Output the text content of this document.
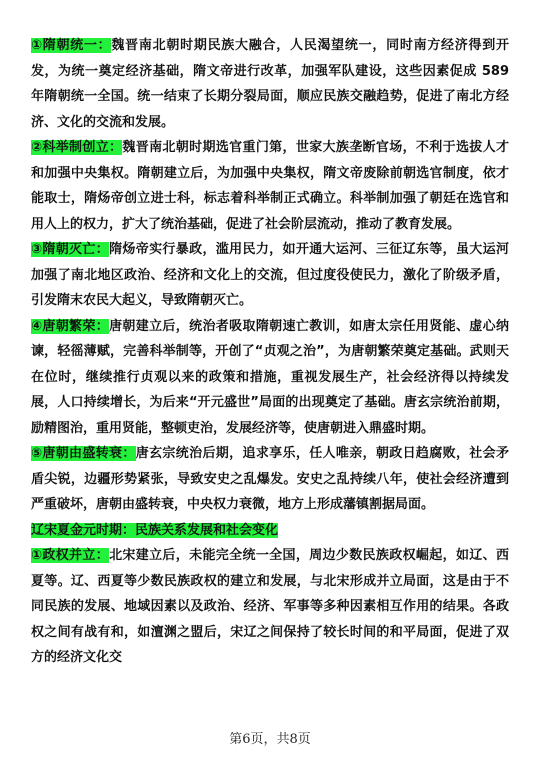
①隋朝统一：魏晋南北朝时期民族大融合，人民渴望统一，同时南方经济得到开发，为统一奠定经济基础，隋文帝进行改革，加强军队建设，这些因素促成 589 年隋朝统一全国。统一结束了长期分裂局面，顺应民族交融趋势，促进了南北方经济、文化的交流和发展。

②科举制创立：魏晋南北朝时期选官重门第，世家大族垄断官场，不利于选拔人才和加强中央集权。隋朝建立后，为加强中央集权，隋文帝废除前朝选官制度，依才能取士，隋炀帝创立进士科，标志着科举制正式确立。科举制加强了朝廷在选官和用人上的权力，扩大了统治基础，促进了社会阶层流动，推动了教育发展。

③隋朝灭亡：隋炀帝实行暴政，滥用民力，如开通大运河、三征辽东等，虽大运河加强了南北地区政治、经济和文化上的交流，但过度役使民力，激化了阶级矛盾，引发隋末农民大起义，导致隋朝灭亡。

④唐朝繁荣：唐朝建立后，统治者吸取隋朝速亡教训，如唐太宗任用贤能、虚心纳谏，轻徭薄赋，完善科举制等，开创了“贞观之治”，为唐朝繁荣奠定基础。武则天在位时，继续推行贞观以来的政策和措施，重视发展生产，社会经济得以持续发展，人口持续增长，为后来“开元盛世”局面的出现奠定了基础。唐玄宗统治前期，励精图治，重用贤能，整顿吏治，发展经济等，使唐朝进入鼎盛时期。

⑤唐朝由盛转衰：唐玄宗统治后期，追求享乐，任人唯亲，朝政日趋腐败，社会矛盾尖锐，边疆形势紧张，导致安史之乱爆发。安史之乱持续八年，使社会经济遭到严重破坏，唐朝由盛转衰，中央权力衰微，地方上形成藩镇割据局面。

辽宋夏金元时期：民族关系发展和社会变化

①政权并立：北宋建立后，未能完全统一全国，周边少数民族政权崛起，如辽、西夏等。辽、西夏等少数民族政权的建立和发展，与北宋形成并立局面，这是由于不同民族的发展、地域因素以及政治、经济、军事等多种因素相互作用的结果。各政权之间有战有和，如澶渊之盟后，宋辽之间保持了较长时间的和平局面，促进了双方的经济文化交

第6页，共8页
